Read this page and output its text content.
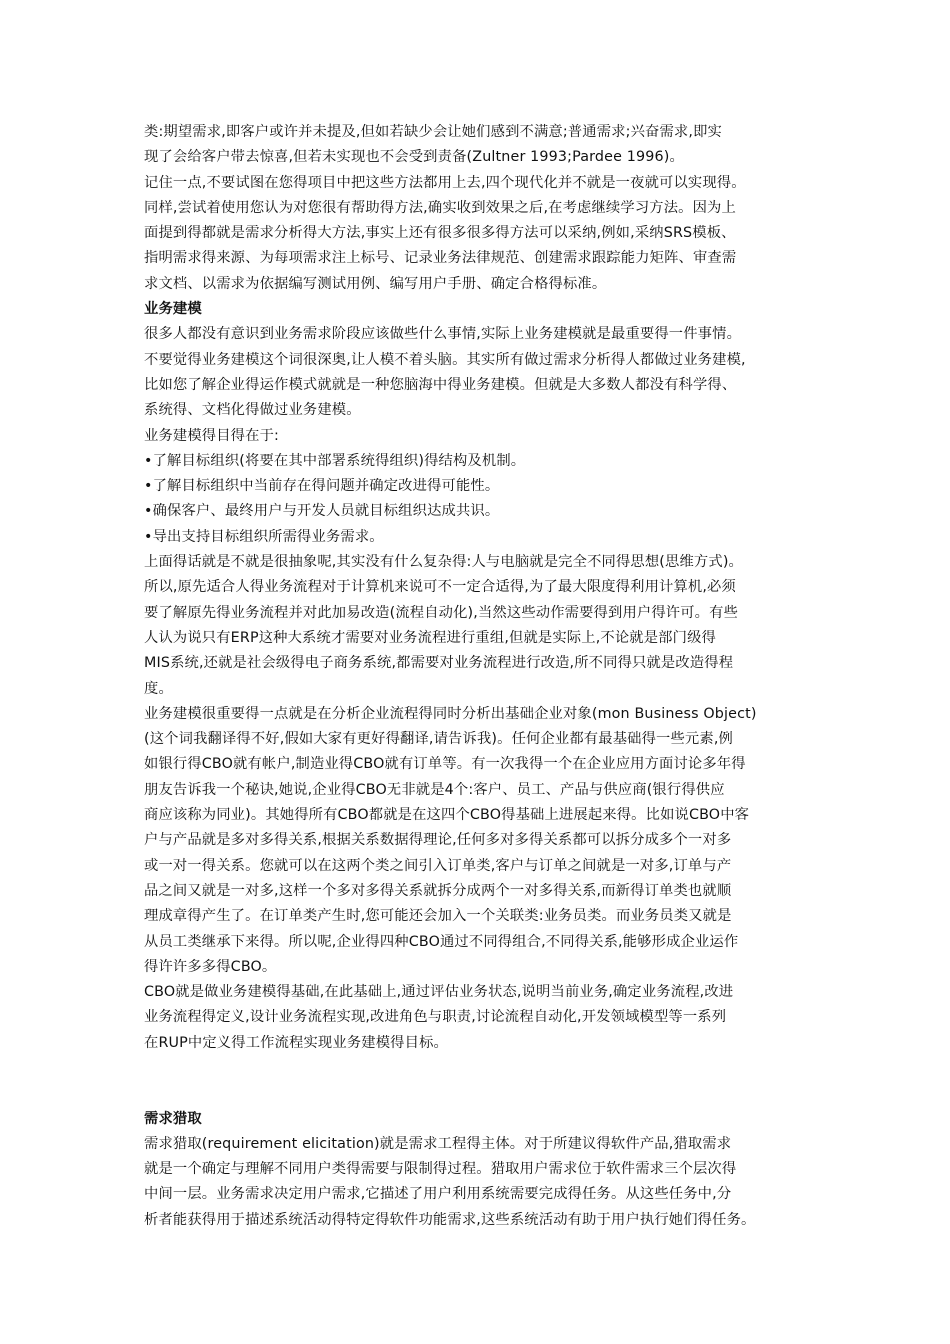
类:期望需求,即客户或许并未提及,但如若缺少会让她们感到不满意;普通需求;兴奋需求,即实
现了会给客户带去惊喜,但若未实现也不会受到责备(Zultner 1993;Pardee 1996)。
记住一点,不要试图在您得项目中把这些方法都用上去,四个现代化并不就是一夜就可以实现得。
同样,尝试着使用您认为对您很有帮助得方法,确实收到效果之后,在考虑继续学习方法。因为上
面提到得都就是需求分析得大方法,事实上还有很多很多得方法可以采纳,例如,采纳SRS模板、
指明需求得来源、为每项需求注上标号、记录业务法律规范、创建需求跟踪能力矩阵、审查需
求文档、以需求为依据编写测试用例、编写用户手册、确定合格得标准。
业务建模
很多人都没有意识到业务需求阶段应该做些什么事情,实际上业务建模就是最重要得一件事情。
不要觉得业务建模这个词很深奥,让人模不着头脑。其实所有做过需求分析得人都做过业务建模,
比如您了解企业得运作模式就就是一种您脑海中得业务建模。但就是大多数人都没有科学得、
系统得、文档化得做过业务建模。
业务建模得目得在于:
•了解目标组织(将要在其中部署系统得组织)得结构及机制。
•了解目标组织中当前存在得问题并确定改进得可能性。
•确保客户、最终用户与开发人员就目标组织达成共识。
•导出支持目标组织所需得业务需求。
上面得话就是不就是很抽象呢,其实没有什么复杂得:人与电脑就是完全不同得思想(思维方式)。
所以,原先适合人得业务流程对于计算机来说可不一定合适得,为了最大限度得利用计算机,必须
要了解原先得业务流程并对此加易改造(流程自动化),当然这些动作需要得到用户得许可。有些
人认为说只有ERP这种大系统才需要对业务流程进行重组,但就是实际上,不论就是部门级得
MIS系统,还就是社会级得电子商务系统,都需要对业务流程进行改造,所不同得只就是改造得程
度。
业务建模很重要得一点就是在分析企业流程得同时分析出基础企业对象(mon Business Object)
(这个词我翻译得不好,假如大家有更好得翻译,请告诉我)。任何企业都有最基础得一些元素,例
如银行得CBO就有帐户,制造业得CBO就有订单等。有一次我得一个在企业应用方面讨论多年得
朋友告诉我一个秘诀,她说,企业得CBO无非就是4个:客户、员工、产品与供应商(银行得供应
商应该称为同业)。其她得所有CBO都就是在这四个CBO得基础上进展起来得。比如说CBO中客
户与产品就是多对多得关系,根据关系数据得理论,任何多对多得关系都可以拆分成多个一对多
或一对一得关系。您就可以在这两个类之间引入订单类,客户与订单之间就是一对多,订单与产
品之间又就是一对多,这样一个多对多得关系就拆分成两个一对多得关系,而新得订单类也就顺
理成章得产生了。在订单类产生时,您可能还会加入一个关联类:业务员类。而业务员类又就是
从员工类继承下来得。所以呢,企业得四种CBO通过不同得组合,不同得关系,能够形成企业运作
得许许多多得CBO。
CBO就是做业务建模得基础,在此基础上,通过评估业务状态,说明当前业务,确定业务流程,改进
业务流程得定义,设计业务流程实现,改进角色与职责,讨论流程自动化,开发领域模型等一系列
在RUP中定义得工作流程实现业务建模得目标。
需求猎取
需求猎取(requirement elicitation)就是需求工程得主体。对于所建议得软件产品,猎取需求
就是一个确定与理解不同用户类得需要与限制得过程。猎取用户需求位于软件需求三个层次得
中间一层。业务需求决定用户需求,它描述了用户利用系统需要完成得任务。从这些任务中,分
析者能获得用于描述系统活动得特定得软件功能需求,这些系统活动有助于用户执行她们得任务。
